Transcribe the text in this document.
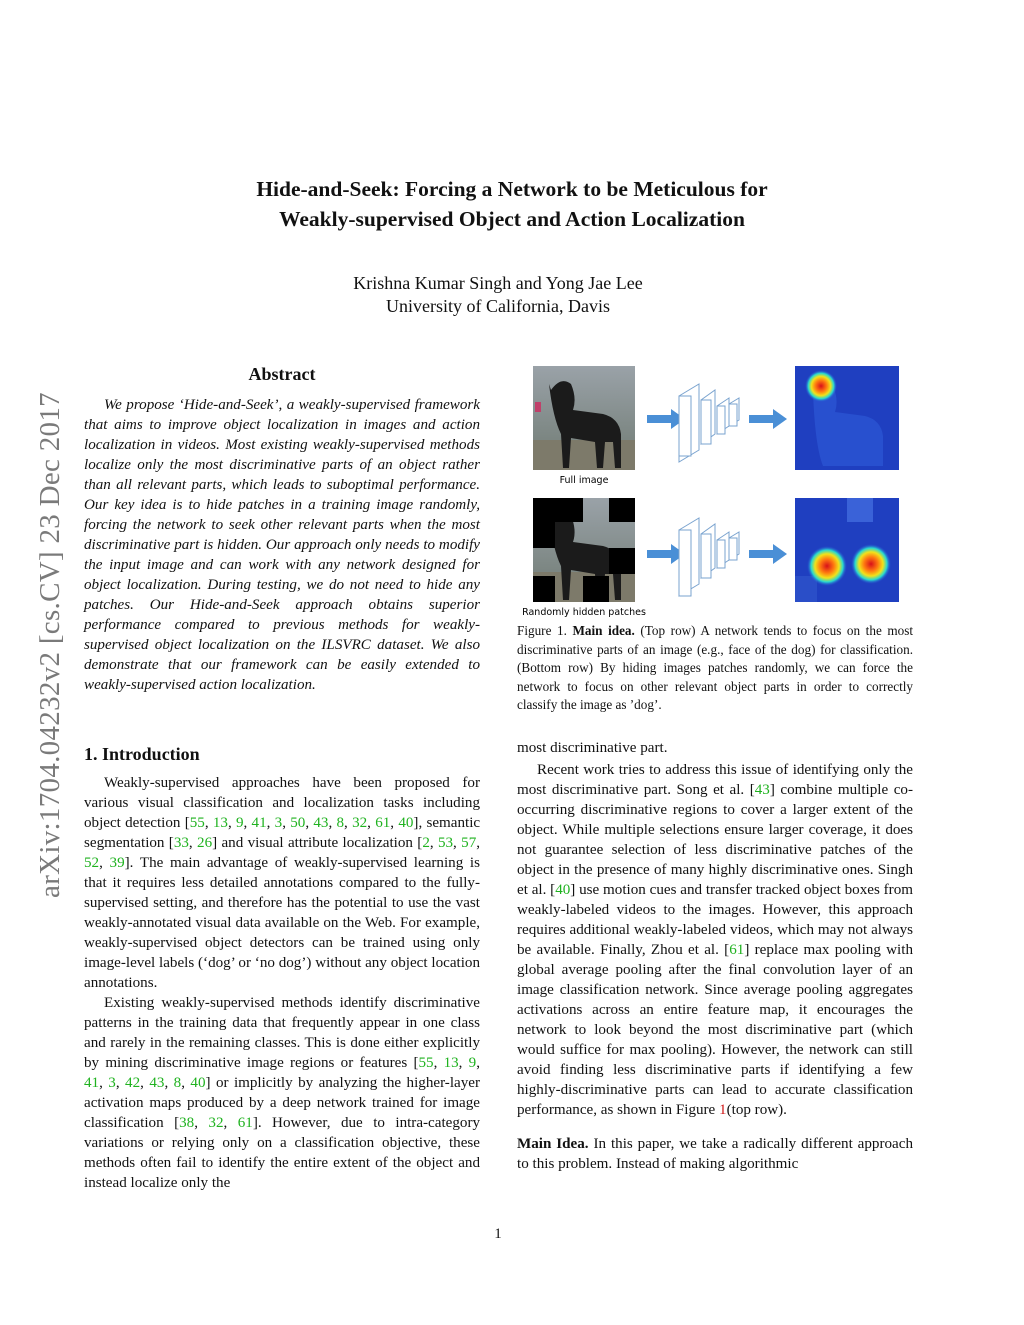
Hide-and-Seek: Forcing a Network to be Meticulous for
Weakly-supervised Object and Action Localization
Krishna Kumar Singh and Yong Jae Lee
University of California, Davis
arXiv:1704.04232v2 [cs.CV] 23 Dec 2017
Abstract
We propose ‘Hide-and-Seek’, a weakly-supervised framework that aims to improve object localization in images and action localization in videos. Most existing weakly-supervised methods localize only the most discriminative parts of an object rather than all relevant parts, which leads to suboptimal performance. Our key idea is to hide patches in a training image randomly, forcing the network to seek other relevant parts when the most discriminative part is hidden. Our approach only needs to modify the input image and can work with any network designed for object localization. During testing, we do not need to hide any patches. Our Hide-and-Seek approach obtains superior performance compared to previous methods for weakly-supervised object localization on the ILSVRC dataset. We also demonstrate that our framework can be easily extended to weakly-supervised action localization.
1. Introduction

Weakly-supervised approaches have been proposed for various visual classification and localization tasks including object detection [55, 13, 9, 41, 3, 50, 43, 8, 32, 61, 40], semantic segmentation [33, 26] and visual attribute localization [2, 53, 57, 52, 39]. The main advantage of weakly-supervised learning is that it requires less detailed annotations compared to the fully-supervised setting, and therefore has the potential to use the vast weakly-annotated visual data available on the Web. For example, weakly-supervised object detectors can be trained using only image-level labels (‘dog’ or ‘no dog’) without any object location annotations.

Existing weakly-supervised methods identify discriminative patterns in the training data that frequently appear in one class and rarely in the remaining classes. This is done either explicitly by mining discriminative image regions or features [55, 13, 9, 41, 3, 42, 43, 8, 40] or implicitly by analyzing the higher-layer activation maps produced by a deep network trained for image classification [38, 32, 61]. However, due to intra-category variations or relying only on a classification objective, these methods often fail to identify the entire extent of the object and instead localize only the

Full image
Randomly hidden patches
Figure 1. Main idea. (Top row) A network tends to focus on the most discriminative parts of an image (e.g., face of the dog) for classification. (Bottom row) By hiding images patches randomly, we can force the network to focus on other relevant object parts in order to correctly classify the image as ’dog’.

most discriminative part.

Recent work tries to address this issue of identifying only the most discriminative part. Song et al. [43] combine multiple co-occurring discriminative regions to cover a larger extent of the object. While multiple selections ensure larger coverage, it does not guarantee selection of less discriminative patches of the object in the presence of many highly discriminative ones. Singh et al. [40] use motion cues and transfer tracked object boxes from weakly-labeled videos to the images. However, this approach requires additional weakly-labeled videos, which may not always be available. Finally, Zhou et al. [61] replace max pooling with global average pooling after the final convolution layer of an image classification network. Since average pooling aggregates activations across an entire feature map, it encourages the network to look beyond the most discriminative part (which would suffice for max pooling). However, the network can still avoid finding less discriminative parts if identifying a few highly-discriminative parts can lead to accurate classification performance, as shown in Figure 1(top row).

Main Idea. In this paper, we take a radically different approach to this problem. Instead of making algorithmic

1
